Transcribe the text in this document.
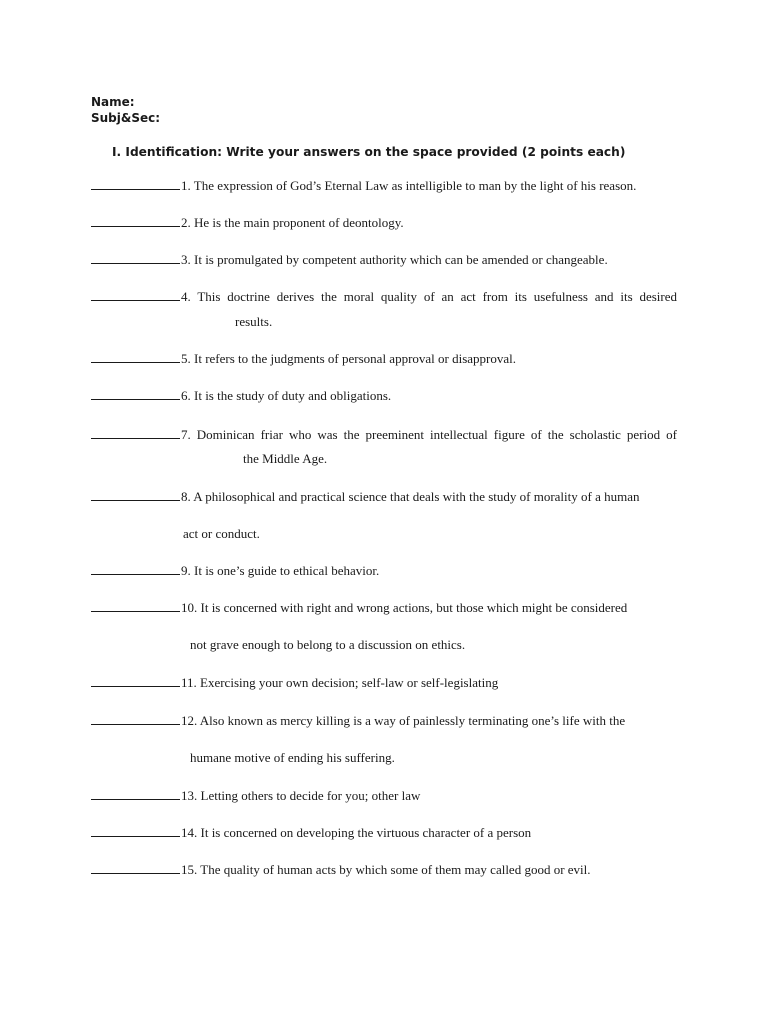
Name:
Subj&Sec:
I. Identification: Write your answers on the space provided (2 points each)
1. The expression of God’s Eternal Law as intelligible to man by the light of his reason.
2. He is the main proponent of deontology.
3. It is promulgated by competent authority which can be amended or changeable.
4. This doctrine derives the moral quality of an act from its usefulness and its desired
results.
5. It refers to the judgments of personal approval or disapproval.
6. It is the study of duty and obligations.
7. Dominican friar who was the preeminent intellectual figure of the scholastic period of
the Middle Age.
8. A philosophical and practical science that deals with the study of morality of a human
act or conduct.
9. It is one’s guide to ethical behavior.
10. It is concerned with right and wrong actions, but those which might be considered
not grave enough to belong to a discussion on ethics.
11. Exercising your own decision; self-law or self-legislating
12. Also known as mercy killing is a way of painlessly terminating one’s life with the
humane motive of ending his suffering.
13. Letting others to decide for you; other law
14. It is concerned on developing the virtuous character of a person
15. The quality of human acts by which some of them may called good or evil.
